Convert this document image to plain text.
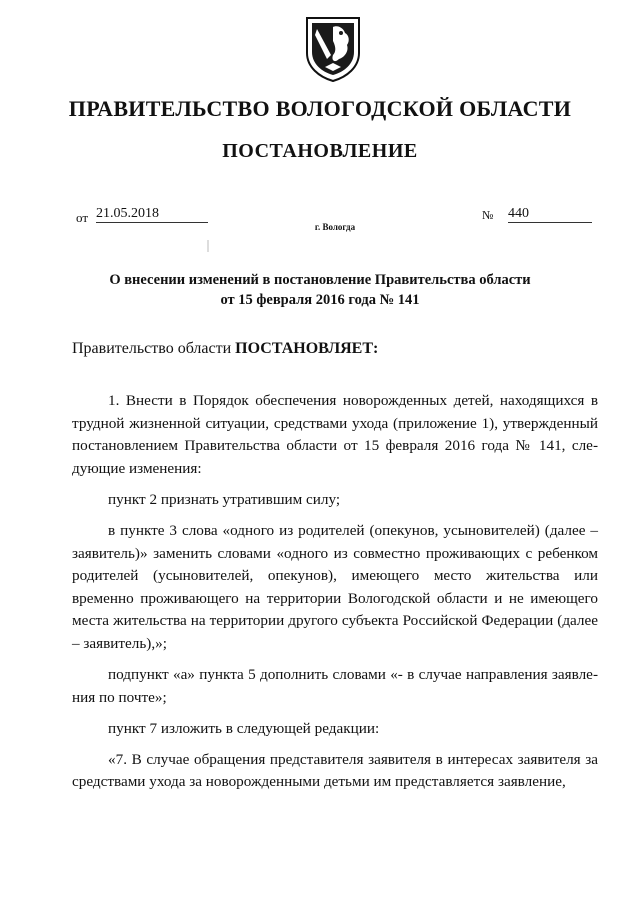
ПРАВИТЕЛЬСТВО ВОЛОГОДСКОЙ ОБЛАСТИ
ПОСТАНОВЛЕНИЕ
от 21.05.2018	№ 440
г. Вологда
О внесении изменений в постановление Правительства области
от 15 февраля 2016 года № 141
Правительство области ПОСТАНОВЛЯЕТ:

1. Внести в Порядок обеспечения новорожденных детей, находящихся в трудной жизненной ситуации, средствами ухода (приложение 1), утвержденный постановлением Правительства области от 15 февраля 2016 года № 141, следующие изменения:

пункт 2 признать утратившим силу;

в пункте 3 слова «одного из родителей (опекунов, усыновителей) (далее – заявитель)» заменить словами «одного из совместно проживающих с ребенком родителей (усыновителей, опекунов), имеющего место жительства или временно проживающего на территории Вологодской области и не имеющего места жительства на территории другого субъекта Российской Федерации (далее – заявитель),»;

подпункт «а» пункта 5 дополнить словами «- в случае направления заявления по почте»;

пункт 7 изложить в следующей редакции:

«7. В случае обращения представителя заявителя в интересах заявителя за средствами ухода за новорожденными детьми им представляется заявление,
